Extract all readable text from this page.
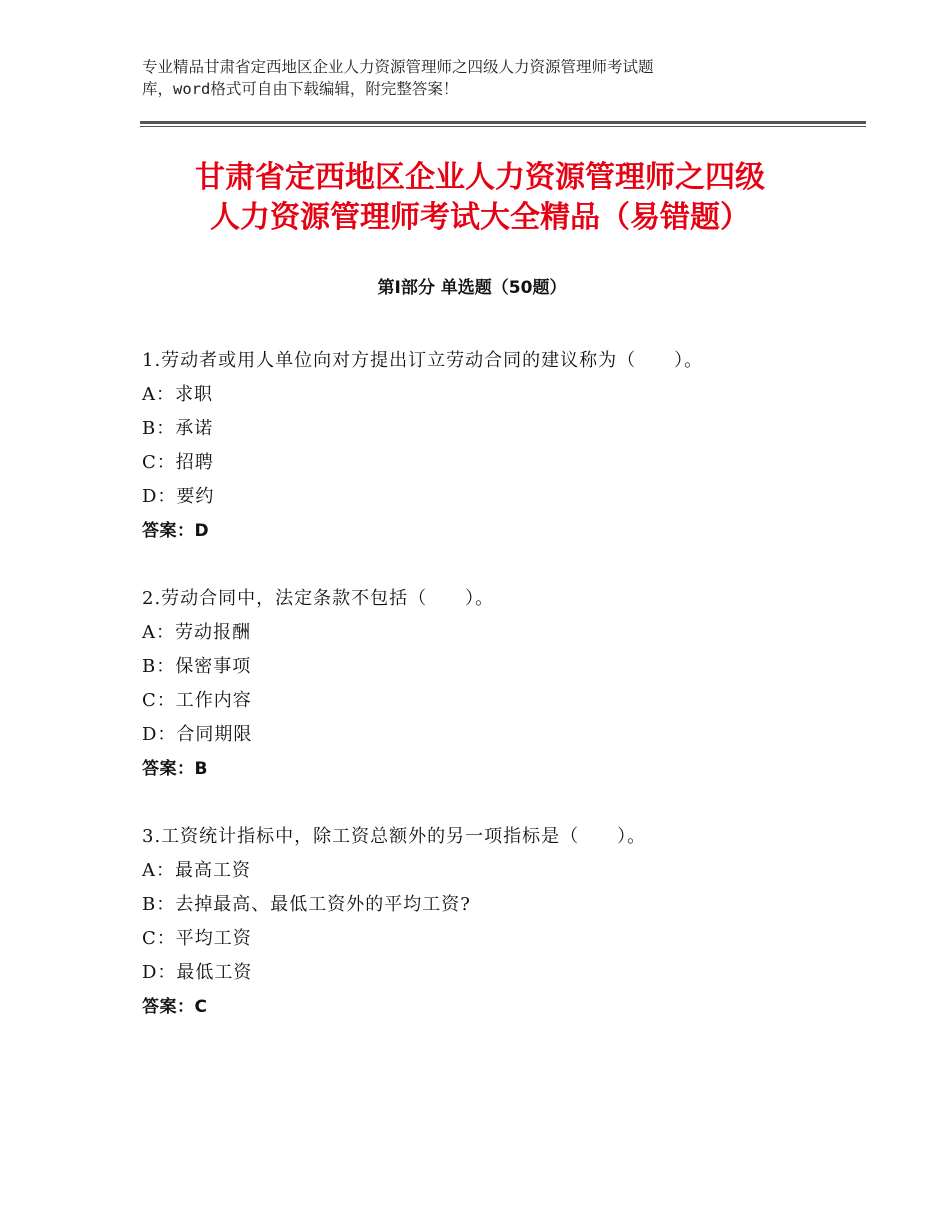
专业精品甘肃省定西地区企业人力资源管理师之四级人力资源管理师考试题
库，word格式可自由下载编辑，附完整答案！
甘肃省定西地区企业人力资源管理师之四级
人力资源管理师考试大全精品（易错题）
第Ⅰ部分 单选题（50题）
1.劳动者或用人单位向对方提出订立劳动合同的建议称为（　　）。
A：求职
B：承诺
C：招聘
D：要约
答案：D
2.劳动合同中，法定条款不包括（　　）。
A：劳动报酬
B：保密事项
C：工作内容
D：合同期限
答案：B
3.工资统计指标中，除工资总额外的另一项指标是（　　）。
A：最高工资
B：去掉最高、最低工资外的平均工资?
C：平均工资
D：最低工资
答案：C
